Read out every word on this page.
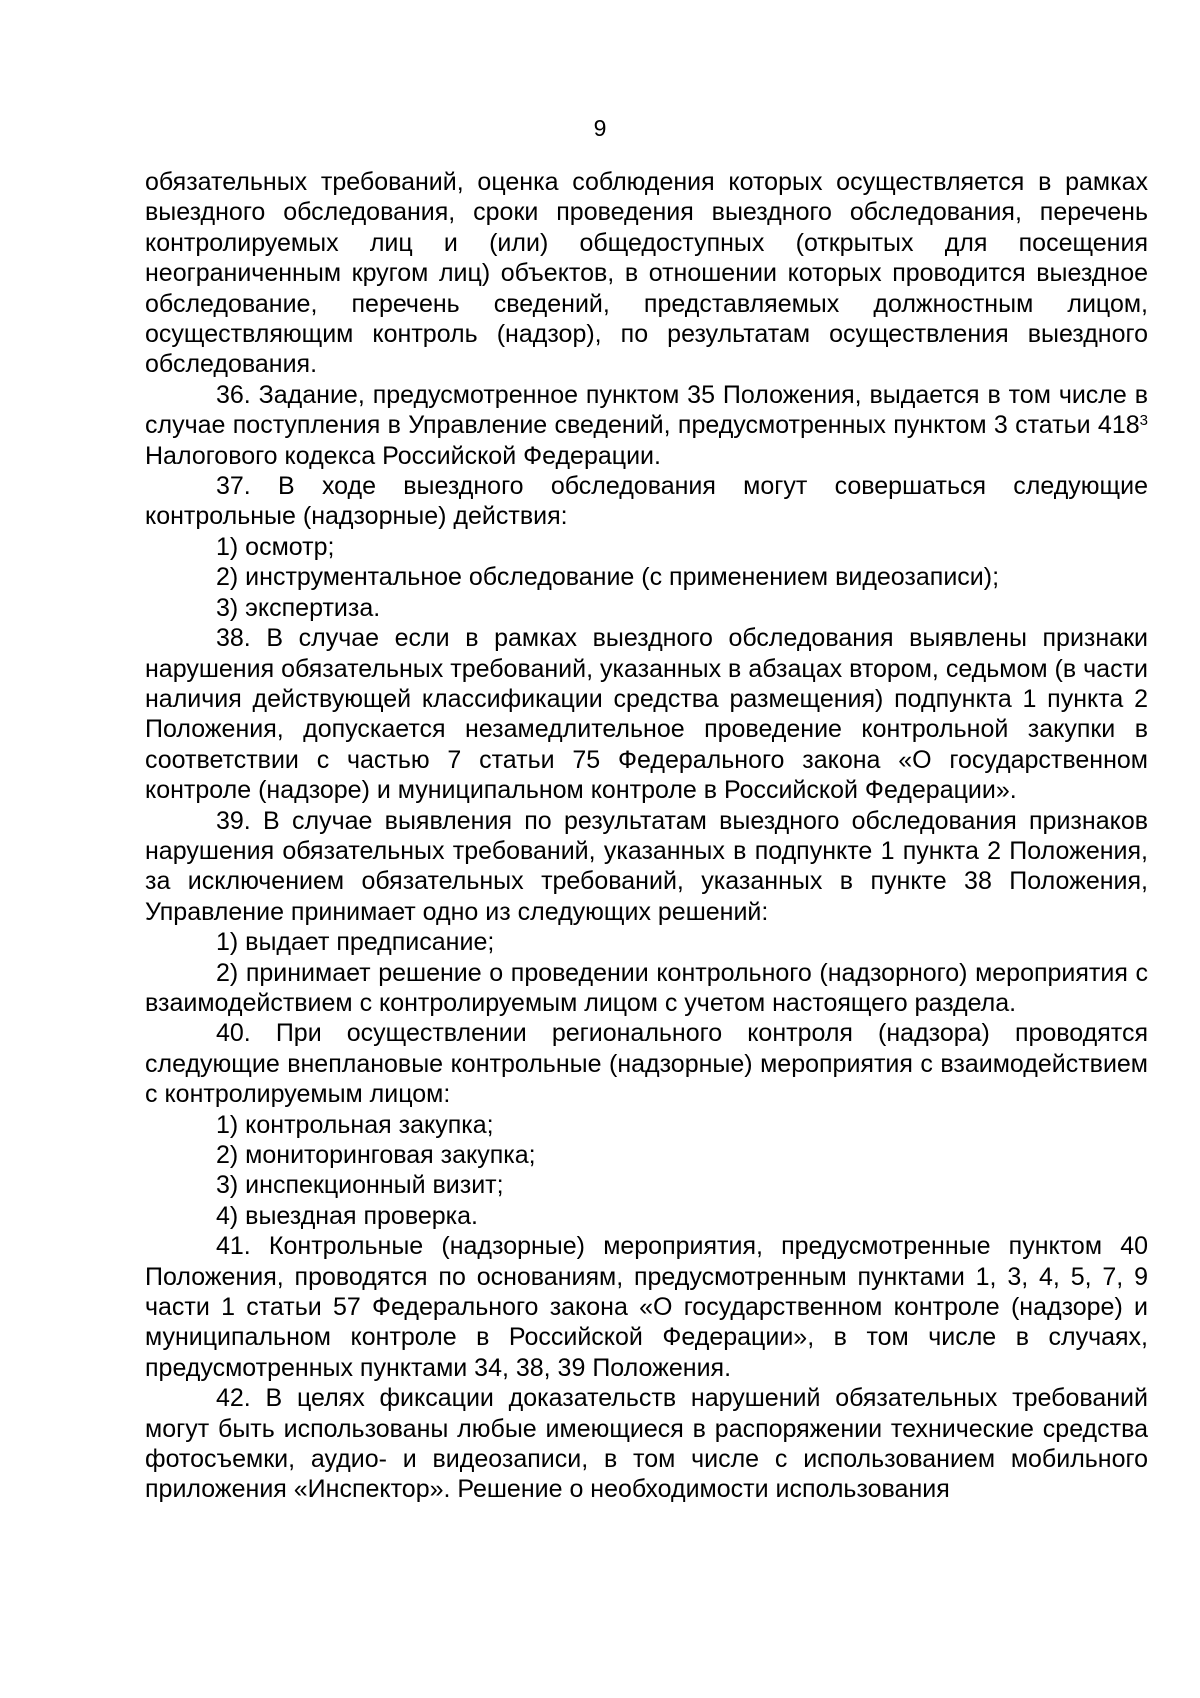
9

обязательных требований, оценка соблюдения которых осуществляется в рамках выездного обследования, сроки проведения выездного обследования, перечень контролируемых лиц и (или) общедоступных (открытых для посещения неограниченным кругом лиц) объектов, в отношении которых проводится выездное обследование, перечень сведений, представляемых должностным лицом, осуществляющим контроль (надзор), по результатам осуществления выездного обследования.

36. Задание, предусмотренное пунктом 35 Положения, выдается в том числе в случае поступления в Управление сведений, предусмотренных пунктом 3 статьи $418^3$ Налогового кодекса Российской Федерации.

37. В ходе выездного обследования могут совершаться следующие контрольные (надзорные) действия:

1) осмотр;

2) инструментальное обследование (с применением видеозаписи);

3) экспертиза.

38. В случае если в рамках выездного обследования выявлены признаки нарушения обязательных требований, указанных в абзацах втором, седьмом (в части наличия действующей классификации средства размещения) подпункта 1 пункта 2 Положения, допускается незамедлительное проведение контрольной закупки в соответствии с частью 7 статьи 75 Федерального закона «О государственном контроле (надзоре) и муниципальном контроле в Российской Федерации».

39. В случае выявления по результатам выездного обследования признаков нарушения обязательных требований, указанных в подпункте 1 пункта 2 Положения, за исключением обязательных требований, указанных в пункте 38 Положения, Управление принимает одно из следующих решений:

1) выдает предписание;

2) принимает решение о проведении контрольного (надзорного) мероприятия с взаимодействием с контролируемым лицом с учетом настоящего раздела.

40. При осуществлении регионального контроля (надзора) проводятся следующие внеплановые контрольные (надзорные) мероприятия с взаимодействием с контролируемым лицом:

1) контрольная закупка;

2) мониторинговая закупка;

3) инспекционный визит;

4) выездная проверка.

41. Контрольные (надзорные) мероприятия, предусмотренные пунктом 40 Положения, проводятся по основаниям, предусмотренным пунктами 1, 3, 4, 5, 7, 9 части 1 статьи 57 Федерального закона «О государственном контроле (надзоре) и муниципальном контроле в Российской Федерации», в том числе в случаях, предусмотренных пунктами 34, 38, 39 Положения.

42. В целях фиксации доказательств нарушений обязательных требований могут быть использованы любые имеющиеся в распоряжении технические средства фотосъемки, аудио- и видеозаписи, в том числе с использованием мобильного приложения «Инспектор». Решение о необходимости использования
